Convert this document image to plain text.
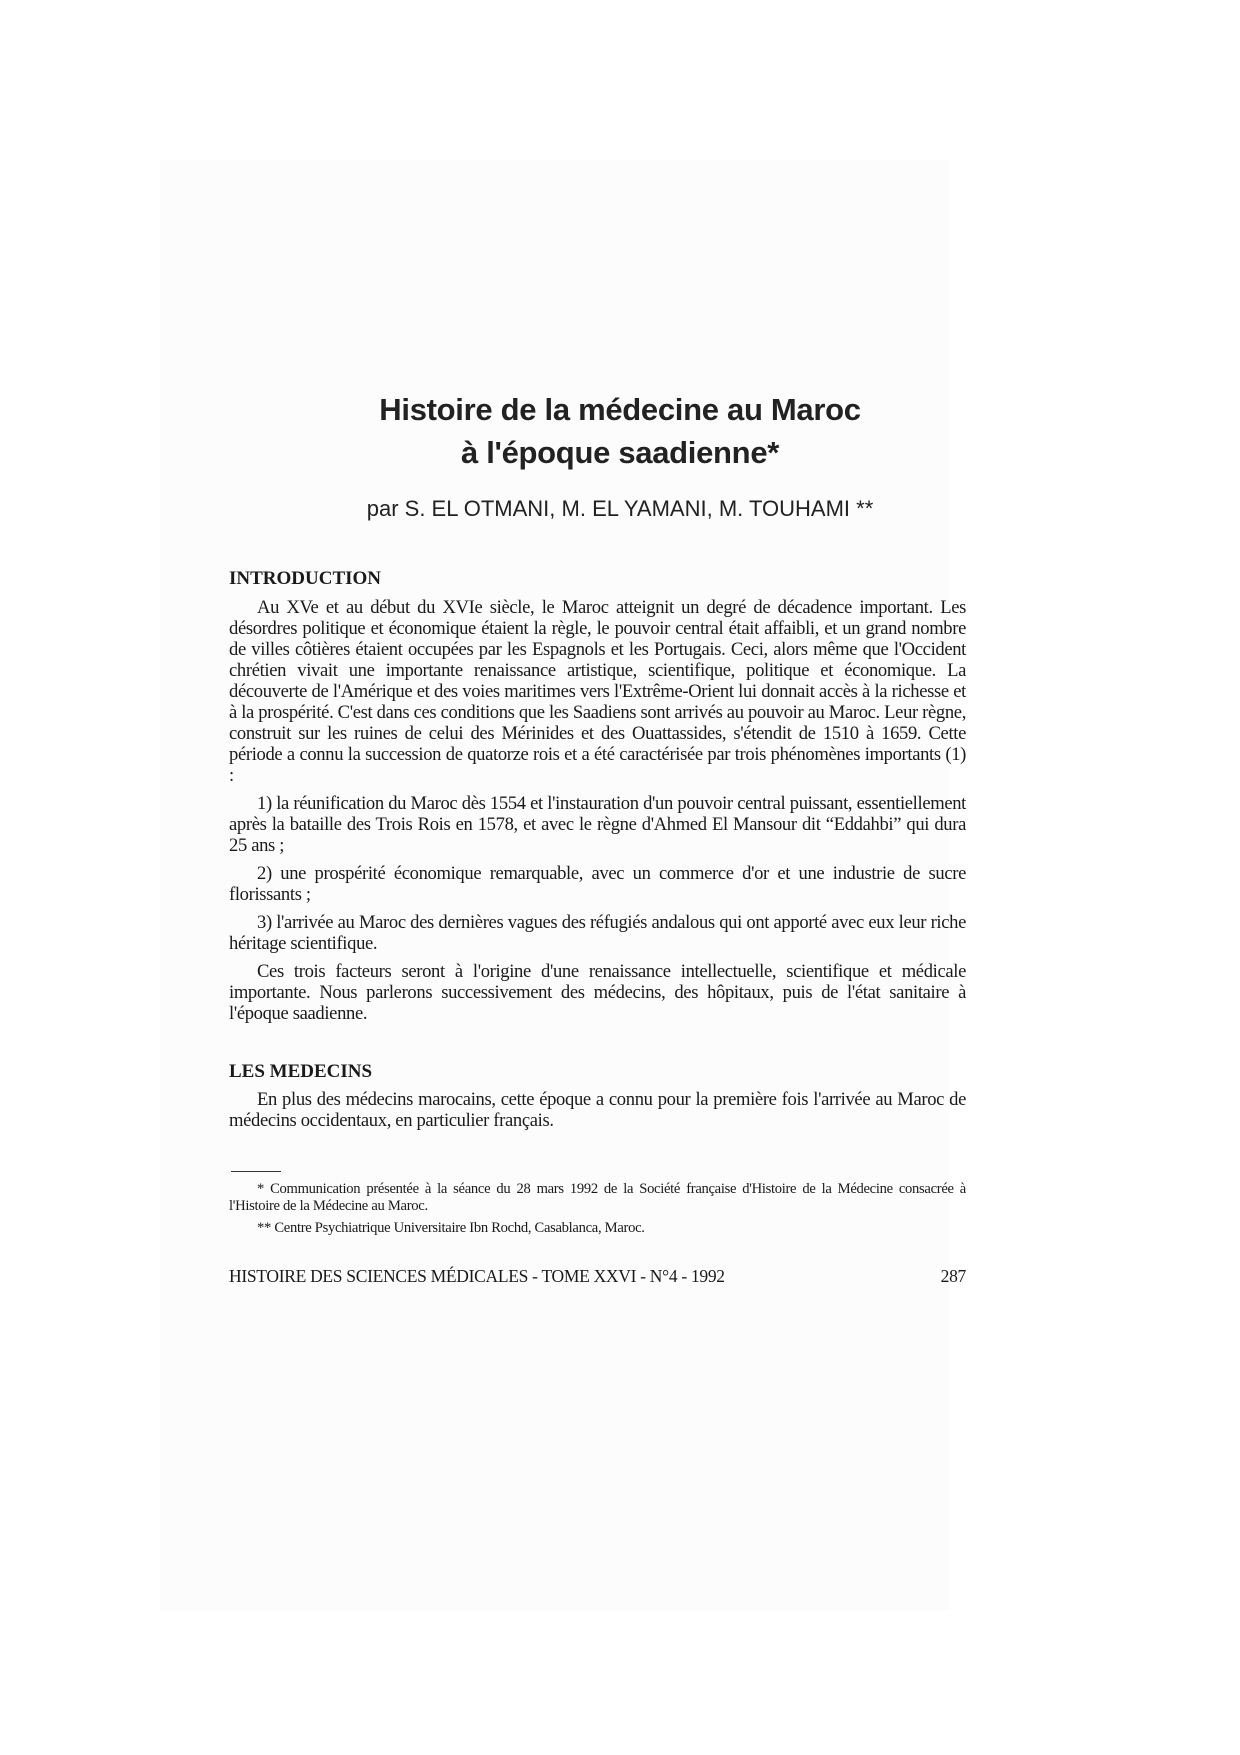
Histoire de la médecine au Maroc
à l'époque saadienne*
par S. EL OTMANI, M. EL YAMANI, M. TOUHAMI **
INTRODUCTION

Au XVe et au début du XVIe siècle, le Maroc atteignit un degré de décadence important. Les désordres politique et économique étaient la règle, le pouvoir central était affaibli, et un grand nombre de villes côtières étaient occupées par les Espagnols et les Portugais. Ceci, alors même que l'Occident chrétien vivait une importante renaissance artistique, scientifique, politique et économique. La découverte de l'Amérique et des voies maritimes vers l'Extrême-Orient lui donnait accès à la richesse et à la prospérité. C'est dans ces conditions que les Saadiens sont arrivés au pouvoir au Maroc. Leur règne, construit sur les ruines de celui des Mérinides et des Ouattassides, s'étendit de 1510 à 1659. Cette période a connu la succession de quatorze rois et a été caractérisée par trois phénomènes importants (1) :

1) la réunification du Maroc dès 1554 et l'instauration d'un pouvoir central puissant, essentiellement après la bataille des Trois Rois en 1578, et avec le règne d'Ahmed El Mansour dit “Eddahbi” qui dura 25 ans ;

2) une prospérité économique remarquable, avec un commerce d'or et une industrie de sucre florissants ;

3) l'arrivée au Maroc des dernières vagues des réfugiés andalous qui ont apporté avec eux leur riche héritage scientifique.

Ces trois facteurs seront à l'origine d'une renaissance intellectuelle, scientifique et médicale importante. Nous parlerons successivement des médecins, des hôpitaux, puis de l'état sanitaire à l'époque saadienne.

LES MEDECINS

En plus des médecins marocains, cette époque a connu pour la première fois l'arrivée au Maroc de médecins occidentaux, en particulier français.

* Communication présentée à la séance du 28 mars 1992 de la Société française d'Histoire de la Médecine consacrée à l'Histoire de la Médecine au Maroc.

** Centre Psychiatrique Universitaire Ibn Rochd, Casablanca, Maroc.

HISTOIRE DES SCIENCES MÉDICALES - TOME XXVI - N°4 - 1992	287
